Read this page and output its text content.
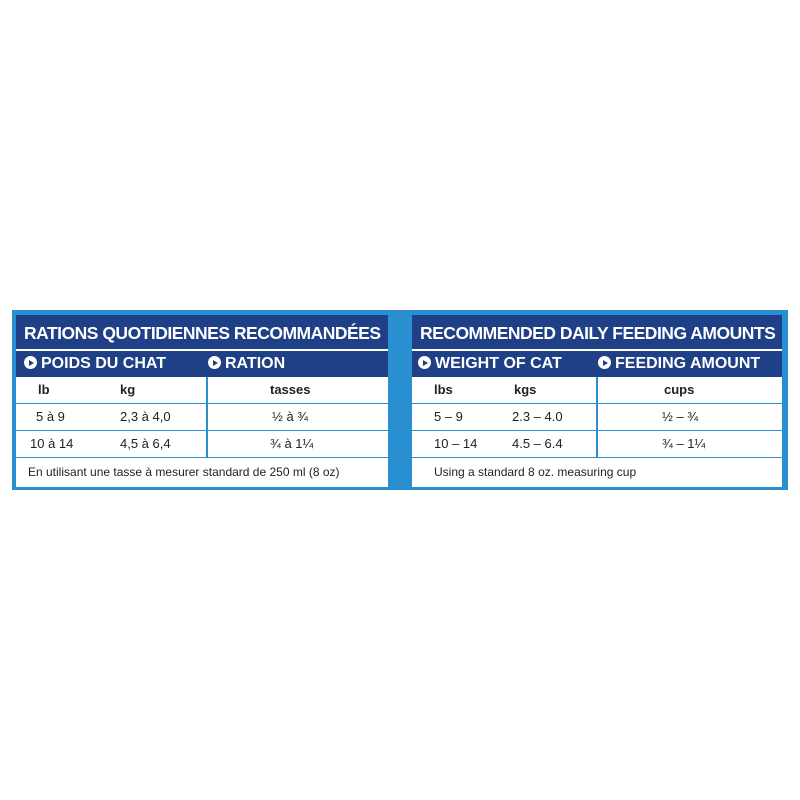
RATIONS QUOTIDIENNES RECOMMANDÉES
POIDS DU CHAT	RATION
lb	kg	tasses
5 à 9	2,3 à 4,0	½ à ¾
10 à 14	4,5 à 6,4	¾ à 1¼
En utilisant une tasse à mesurer standard de 250 ml (8 oz)
RECOMMENDED DAILY FEEDING AMOUNTS
WEIGHT OF CAT	FEEDING AMOUNT
lbs	kgs	cups
5 – 9	2.3 – 4.0	½ – ¾
10 – 14	4.5 – 6.4	¾ – 1¼
Using a standard 8 oz. measuring cup
